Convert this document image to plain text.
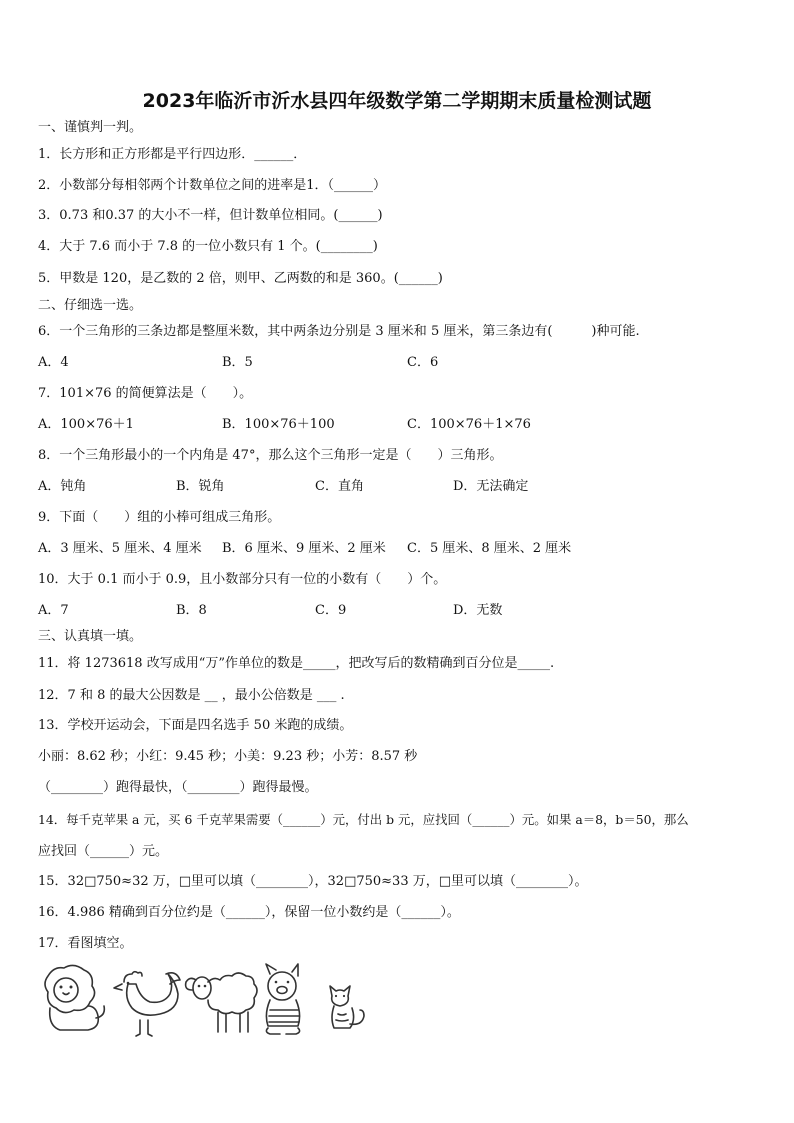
2023年临沂市沂水县四年级数学第二学期期末质量检测试题
一、谨慎判一判。
1．长方形和正方形都是平行四边形．______．
2．小数部分每相邻两个计数单位之间的进率是1．（______）
3．0.73 和0.37 的大小不一样，但计数单位相同。(______)
4．大于 7.6 而小于 7.8 的一位小数只有 1 个。(________)
5．甲数是 120，是乙数的 2 倍，则甲、乙两数的和是 360。(______)
二、仔细选一选。
6．一个三角形的三条边都是整厘米数，其中两条边分别是 3 厘米和 5 厘米，第三条边有(　　　)种可能.
A．4	B．5	C．6
7．101×76 的简便算法是（　　）。
A．100×76＋1	B．100×76＋100	C．100×76＋1×76
8．一个三角形最小的一个内角是 47°，那么这个三角形一定是（　　）三角形。
A．钝角	B．锐角	C．直角	D．无法确定
9．下面（　　）组的小棒可组成三角形。
A．3 厘米、5 厘米、4 厘米 B．6 厘米、9 厘米、2 厘米 C．5 厘米、8 厘米、2 厘米
10．大于 0.1 而小于 0.9，且小数部分只有一位的小数有（　　）个。
A．7	B．8	C．9	D．无数
三、认真填一填。
11．将 1273618 改写成用“万”作单位的数是_____，把改写后的数精确到百分位是_____.
12．7 和 8 的最大公因数是 __ ，最小公倍数是 ___ .
13．学校开运动会，下面是四名选手 50 米跑的成绩。
小丽：8.62 秒；小红：9.45 秒；小美：9.23 秒；小芳：8.57 秒
（________）跑得最快，（________）跑得最慢。
14．每千克苹果 a 元，买 6 千克苹果需要（______）元，付出 b 元，应找回（______）元。如果 a＝8，b＝50，那么
应找回（______）元。
15．32□750≈32 万，□里可以填（________），32□750≈33 万，□里可以填（________）。
16．4.986 精确到百分位约是（______），保留一位小数约是（______）。
17．看图填空。
